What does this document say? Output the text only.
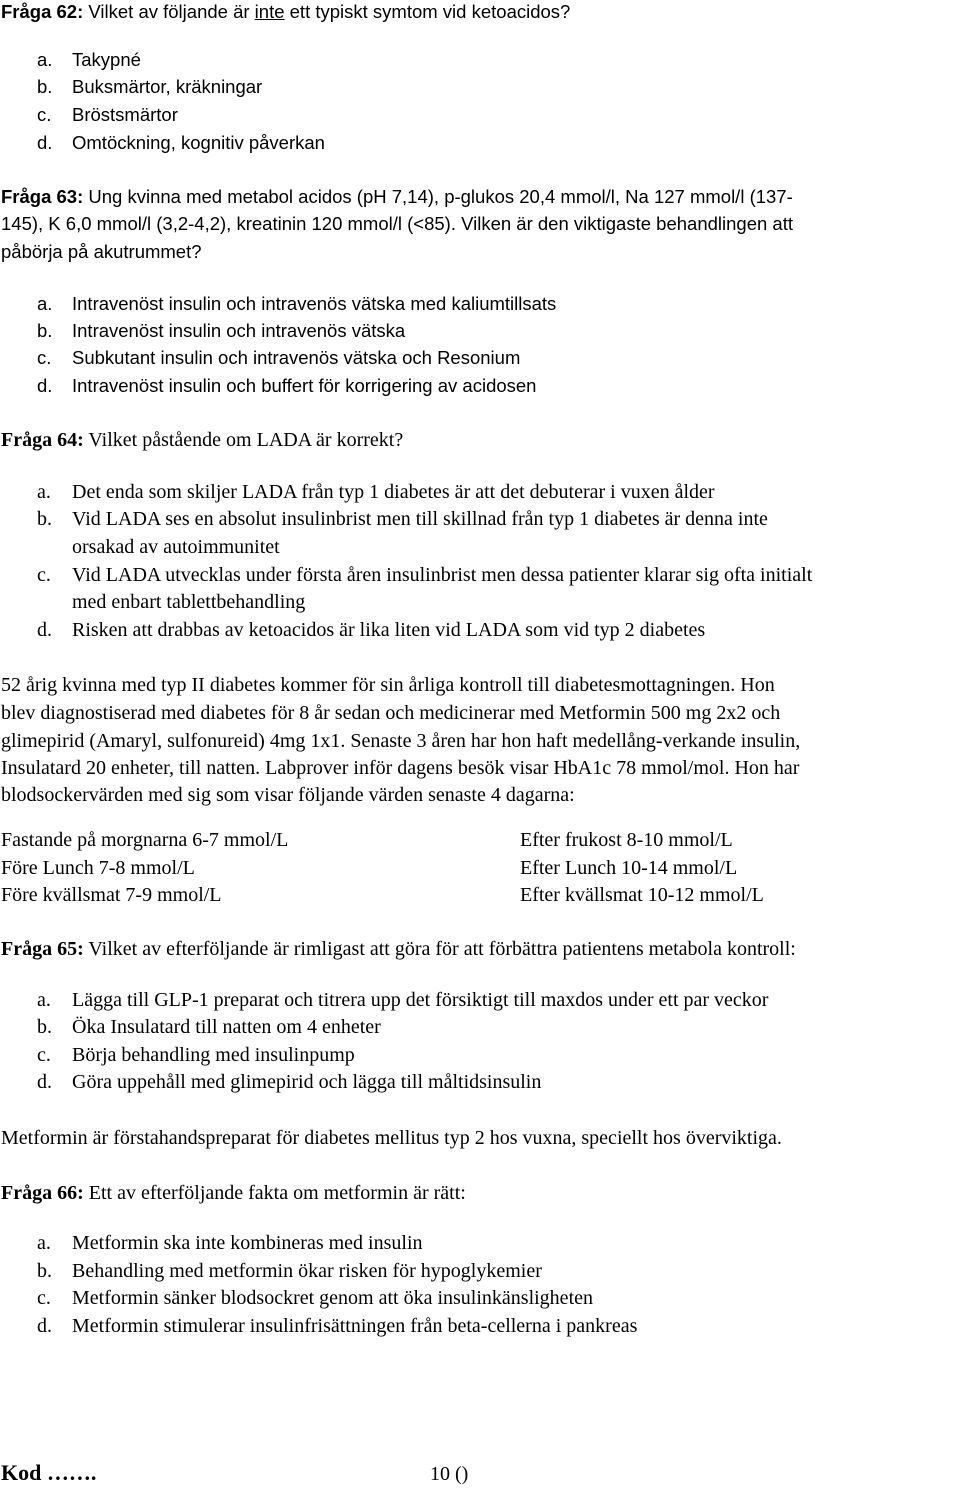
Fråga 62: Vilket av följande är inte ett typiskt symtom vid ketoacidos?
a. Takypné
b. Buksmärtor, kräkningar
c. Bröstsmärtor
d. Omtöckning, kognitiv påverkan
Fråga 63: Ung kvinna med metabol acidos (pH 7,14), p-glukos 20,4 mmol/l, Na 127 mmol/l (137-
145), K 6,0 mmol/l (3,2-4,2), kreatinin 120 mmol/l (<85). Vilken är den viktigaste behandlingen att
påbörja på akutrummet?
a. Intravenöst insulin och intravenös vätska med kaliumtillsats
b. Intravenöst insulin och intravenös vätska
c. Subkutant insulin och intravenös vätska och Resonium
d. Intravenöst insulin och buffert för korrigering av acidosen
Fråga 64: Vilket påstående om LADA är korrekt?
a. Det enda som skiljer LADA från typ 1 diabetes är att det debuterar i vuxen ålder
b. Vid LADA ses en absolut insulinbrist men till skillnad från typ 1 diabetes är denna inte
orsakad av autoimmunitet
c. Vid LADA utvecklas under första åren insulinbrist men dessa patienter klarar sig ofta initialt
med enbart tablettbehandling
d. Risken att drabbas av ketoacidos är lika liten vid LADA som vid typ 2 diabetes
52 årig kvinna med typ II diabetes kommer för sin årliga kontroll till diabetesmottagningen. Hon
blev diagnostiserad med diabetes för 8 år sedan och medicinerar med Metformin 500 mg 2x2 och
glimepirid (Amaryl, sulfonureid) 4mg 1x1. Senaste 3 åren har hon haft medellång-verkande insulin,
Insulatard 20 enheter, till natten. Labprover inför dagens besök visar HbA1c 78 mmol/mol. Hon har
blodsockervärden med sig som visar följande värden senaste 4 dagarna:
Fastande på morgnarna 6-7 mmol/L
Före Lunch 7-8 mmol/L
Före kvällsmat 7-9 mmol/L
Efter frukost 8-10 mmol/L
Efter Lunch 10-14 mmol/L
Efter kvällsmat 10-12 mmol/L
Fråga 65: Vilket av efterföljande är rimligast att göra för att förbättra patientens metabola kontroll:
a. Lägga till GLP-1 preparat och titrera upp det försiktigt till maxdos under ett par veckor
b. Öka Insulatard till natten om 4 enheter
c. Börja behandling med insulinpump
d. Göra uppehåll med glimepirid och lägga till måltidsinsulin
Metformin är förstahandspreparat för diabetes mellitus typ 2 hos vuxna, speciellt hos överviktiga.
Fråga 66: Ett av efterföljande fakta om metformin är rätt:
a. Metformin ska inte kombineras med insulin
b. Behandling med metformin ökar risken för hypoglykemier
c. Metformin sänker blodsockret genom att öka insulinkänsligheten
d. Metformin stimulerar insulinfrisättningen från beta-cellerna i pankreas
Kod …….	10 ()
